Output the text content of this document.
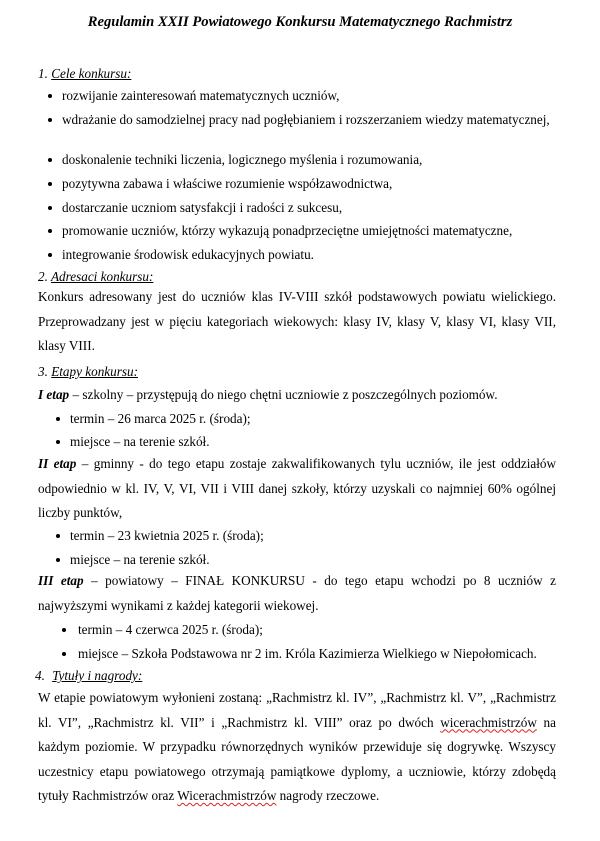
Regulamin XXII Powiatowego Konkursu Matematycznego Rachmistrz
1. Cele konkursu:
rozwijanie zainteresowań matematycznych uczniów,
wdrażanie do samodzielnej pracy nad pogłębianiem i rozszerzaniem wiedzy matematycznej,
doskonalenie techniki liczenia, logicznego myślenia i rozumowania,
pozytywna zabawa i właściwe rozumienie współzawodnictwa,
dostarczanie uczniom satysfakcji i radości z sukcesu,
promowanie uczniów, którzy wykazują ponadprzeciętne umiejętności matematyczne,
integrowanie środowisk edukacyjnych powiatu.
2. Adresaci konkursu:
Konkurs adresowany jest do uczniów klas IV-VIII szkół podstawowych powiatu wielickiego. Przeprowadzany jest w pięciu kategoriach wiekowych: klasy IV, klasy V, klasy VI, klasy VII, klasy VIII.
3. Etapy konkursu:
I etap – szkolny – przystępują do niego chętni uczniowie z poszczególnych poziomów.
termin – 26 marca 2025 r. (środa);
miejsce – na terenie szkół.
II etap – gminny - do tego etapu zostaje zakwalifikowanych tylu uczniów, ile jest oddziałów odpowiednio w kl. IV, V, VI, VII i VIII danej szkoły, którzy uzyskali co najmniej 60% ogólnej liczby punktów,
termin – 23 kwietnia 2025 r. (środa);
miejsce – na terenie szkół.
III etap – powiatowy – FINAŁ KONKURSU - do tego etapu wchodzi po 8 uczniów z najwyższymi wynikami z każdej kategorii wiekowej.
termin – 4 czerwca 2025 r. (środa);
miejsce – Szkoła Podstawowa nr 2 im. Króla Kazimierza Wielkiego w Niepołomicach.
4. Tytuły i nagrody:
W etapie powiatowym wyłonieni zostaną: „Rachmistrz kl. IV”, „Rachmistrz kl. V”, „Rachmistrz kl. VI”, „Rachmistrz kl. VII” i „Rachmistrz kl. VIII” oraz po dwóch wicerachmistrzów na każdym poziomie. W przypadku równorzędnych wyników przewiduje się dogrywkę. Wszyscy uczestnicy etapu powiatowego otrzymają pamiątkowe dyplomy, a uczniowie, którzy zdobędą tytuły Rachmistrzów oraz Wicerachmistrzów nagrody rzeczowe.
